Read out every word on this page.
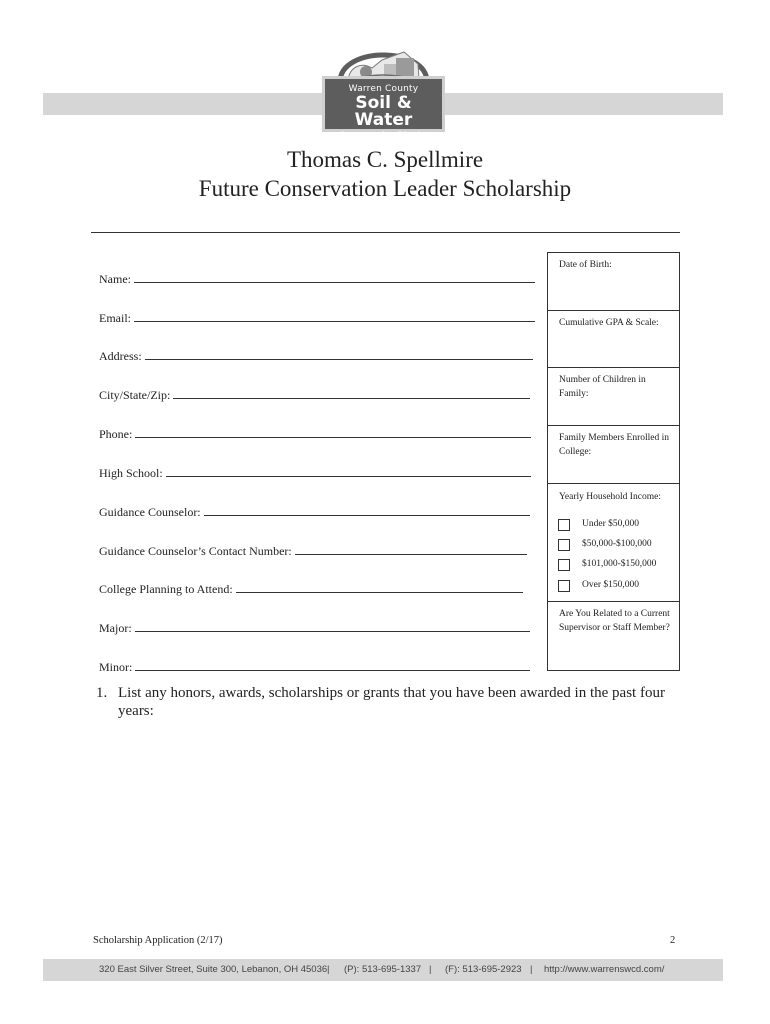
Warren County
Soil & Water
Conservation District
Thomas C. Spellmire
Future Conservation Leader Scholarship
Name:
Email:
Address:
City/State/Zip:
Phone:
High School:
Guidance Counselor:
Guidance Counselor’s Contact Number:
College Planning to Attend:
Major:
Minor:
Date of Birth:
Cumulative GPA & Scale:
Number of Children in Family:
Family Members Enrolled in College:
Yearly Household Income:
Under $50,000
$50,000-$100,000
$101,000-$150,000
Over $150,000
Are You Related to a Current Supervisor or Staff Member?
1. List any honors, awards, scholarships or grants that you have been awarded in the past four years:
Scholarship Application (2/17)	2
320 East Silver Street, Suite 300, Lebanon, OH 45036 | (P): 513-695-1337 | (F): 513-695-2923 | http://www.warrenswcd.com/
